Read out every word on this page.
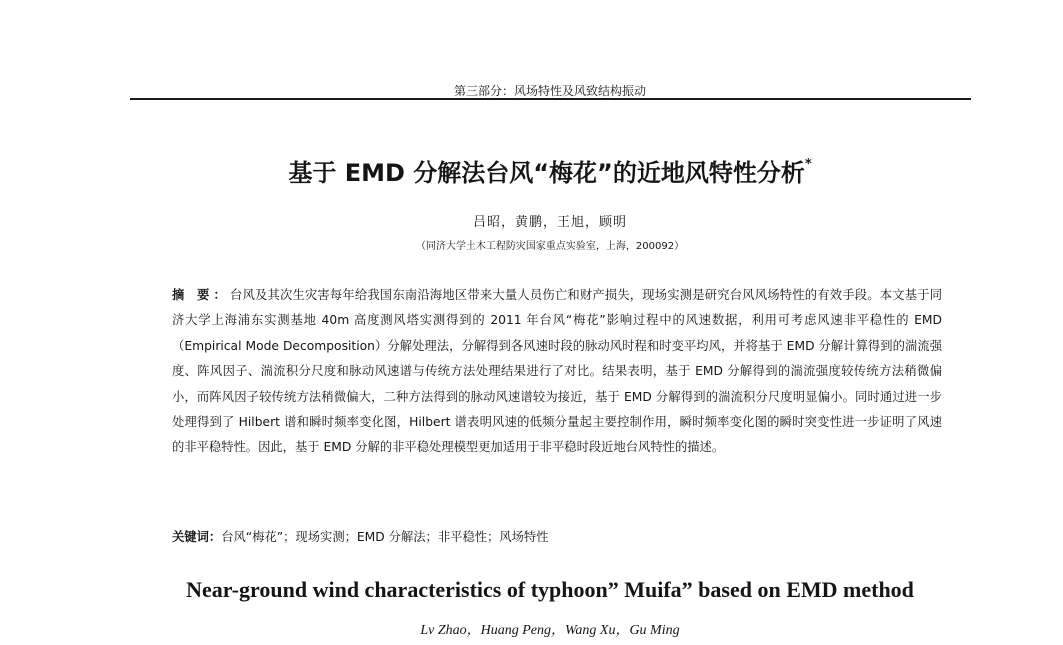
第三部分：风场特性及风致结构振动
基于 EMD 分解法台风“梅花”的近地风特性分析*
吕昭，黄鹏，王旭，顾明
（同济大学土木工程防灾国家重点实验室，上海，200092）
摘 要：台风及其次生灾害每年给我国东南沿海地区带来大量人员伤亡和财产损失，现场实测是研究台风风场特性的有效手段。本文基于同济大学上海浦东实测基地 40m 高度测风塔实测得到的 2011 年台风“梅花”影响过程中的风速数据，利用可考虑风速非平稳性的 EMD（Empirical Mode Decomposition）分解处理法，分解得到各风速时段的脉动风时程和时变平均风，并将基于 EMD 分解计算得到的湍流强度、阵风因子、湍流积分尺度和脉动风速谱与传统方法处理结果进行了对比。结果表明，基于 EMD 分解得到的湍流强度较传统方法稍微偏小，而阵风因子较传统方法稍微偏大，二种方法得到的脉动风速谱较为接近，基于 EMD 分解得到的湍流积分尺度明显偏小。同时通过进一步处理得到了 Hilbert 谱和瞬时频率变化图，Hilbert 谱表明风速的低频分量起主要控制作用，瞬时频率变化图的瞬时突变性进一步证明了风速的非平稳特性。因此，基于 EMD 分解的非平稳处理模型更加适用于非平稳时段近地台风特性的描述。
关键词：台风“梅花”；现场实测；EMD 分解法；非平稳性；风场特性
Near-ground wind characteristics of typhoon” Muifa” based on EMD method
Lv Zhao，Huang Peng，Wang Xu，Gu Ming
